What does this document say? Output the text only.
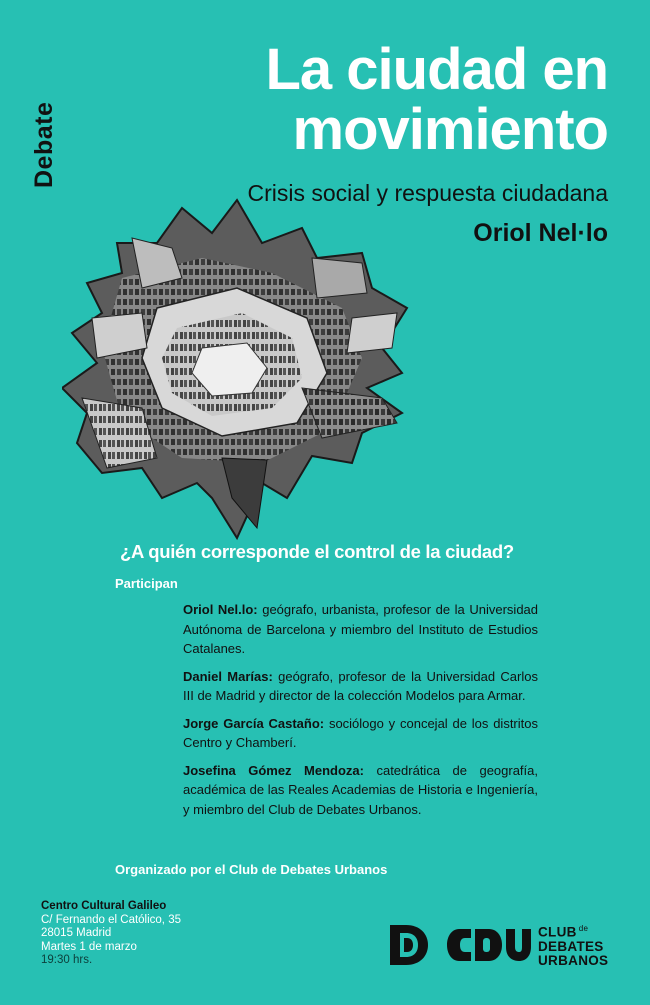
Debate
La ciudad en
movimiento
Crisis social y respuesta ciudadana
Oriol Nel·lo
¿A quién corresponde el control de la ciudad?
Participan

Oriol Nel.lo: geógrafo, urbanista, profesor de la Universidad Autónoma de Barcelona y miembro del Instituto de Estudios Catalanes.

Daniel Marías: geógrafo, profesor de la Universidad Carlos III de Madrid y director de la colección Modelos para Armar.

Jorge García Castaño: sociólogo y concejal de los distritos Centro y Chamberí.

Josefina Gómez Mendoza: catedrática de geografía, académica de las Reales Academias de Historia e Ingeniería, y miembro del Club de Debates Urbanos.

Organizado por el Club de Debates Urbanos
Centro Cultural Galileo
C/ Fernando el Católico, 35
28015 Madrid
Martes 1 de marzo
19:30 hrs.
CLUB $^{de}$
DEBATES
URBANOS
